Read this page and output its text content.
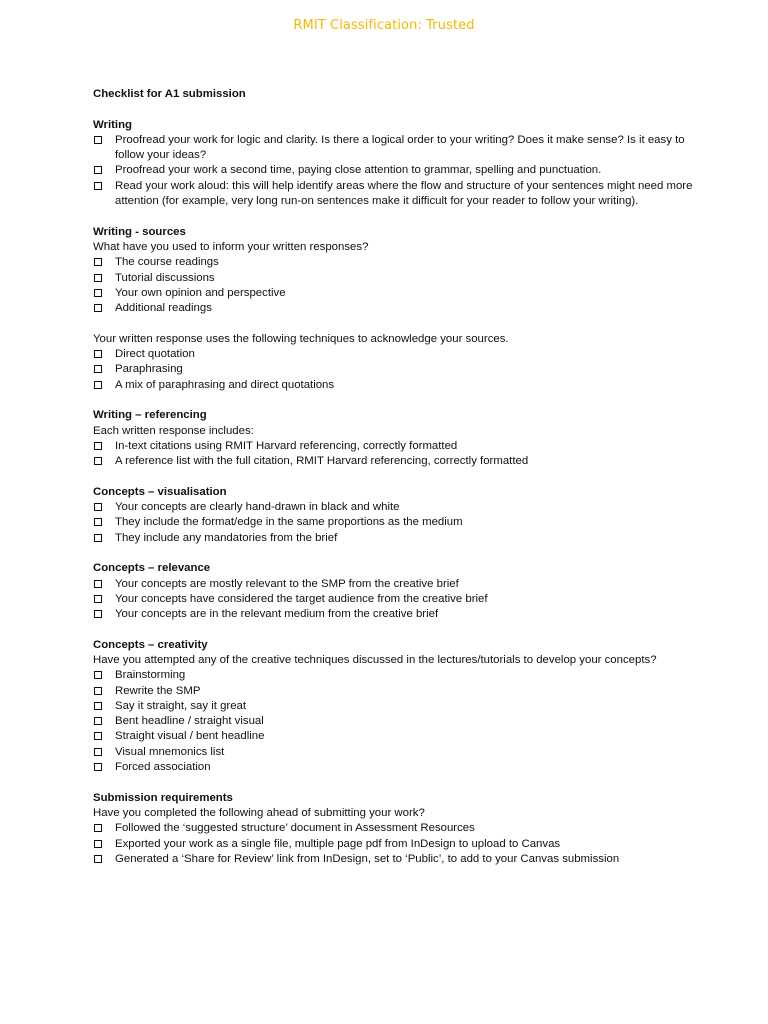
RMIT Classification: Trusted
Checklist for A1 submission
Writing
Proofread your work for logic and clarity. Is there a logical order to your writing? Does it make sense? Is it easy to follow your ideas?
Proofread your work a second time, paying close attention to grammar, spelling and punctuation.
Read your work aloud: this will help identify areas where the flow and structure of your sentences might need more attention (for example, very long run-on sentences make it difficult for your reader to follow your writing).
Writing - sources
What have you used to inform your written responses?
The course readings
Tutorial discussions
Your own opinion and perspective
Additional readings
Your written response uses the following techniques to acknowledge your sources.
Direct quotation
Paraphrasing
A mix of paraphrasing and direct quotations
Writing – referencing
Each written response includes:
In-text citations using RMIT Harvard referencing, correctly formatted
A reference list with the full citation, RMIT Harvard referencing, correctly formatted
Concepts – visualisation
Your concepts are clearly hand-drawn in black and white
They include the format/edge in the same proportions as the medium
They include any mandatories from the brief
Concepts – relevance
Your concepts are mostly relevant to the SMP from the creative brief
Your concepts have considered the target audience from the creative brief
Your concepts are in the relevant medium from the creative brief
Concepts – creativity
Have you attempted any of the creative techniques discussed in the lectures/tutorials to develop your concepts?
Brainstorming
Rewrite the SMP
Say it straight, say it great
Bent headline / straight visual
Straight visual / bent headline
Visual mnemonics list
Forced association
Submission requirements
Have you completed the following ahead of submitting your work?
Followed the ‘suggested structure’ document in Assessment Resources
Exported your work as a single file, multiple page pdf from InDesign to upload to Canvas
Generated a ‘Share for Review’ link from InDesign, set to ‘Public’, to add to your Canvas submission
